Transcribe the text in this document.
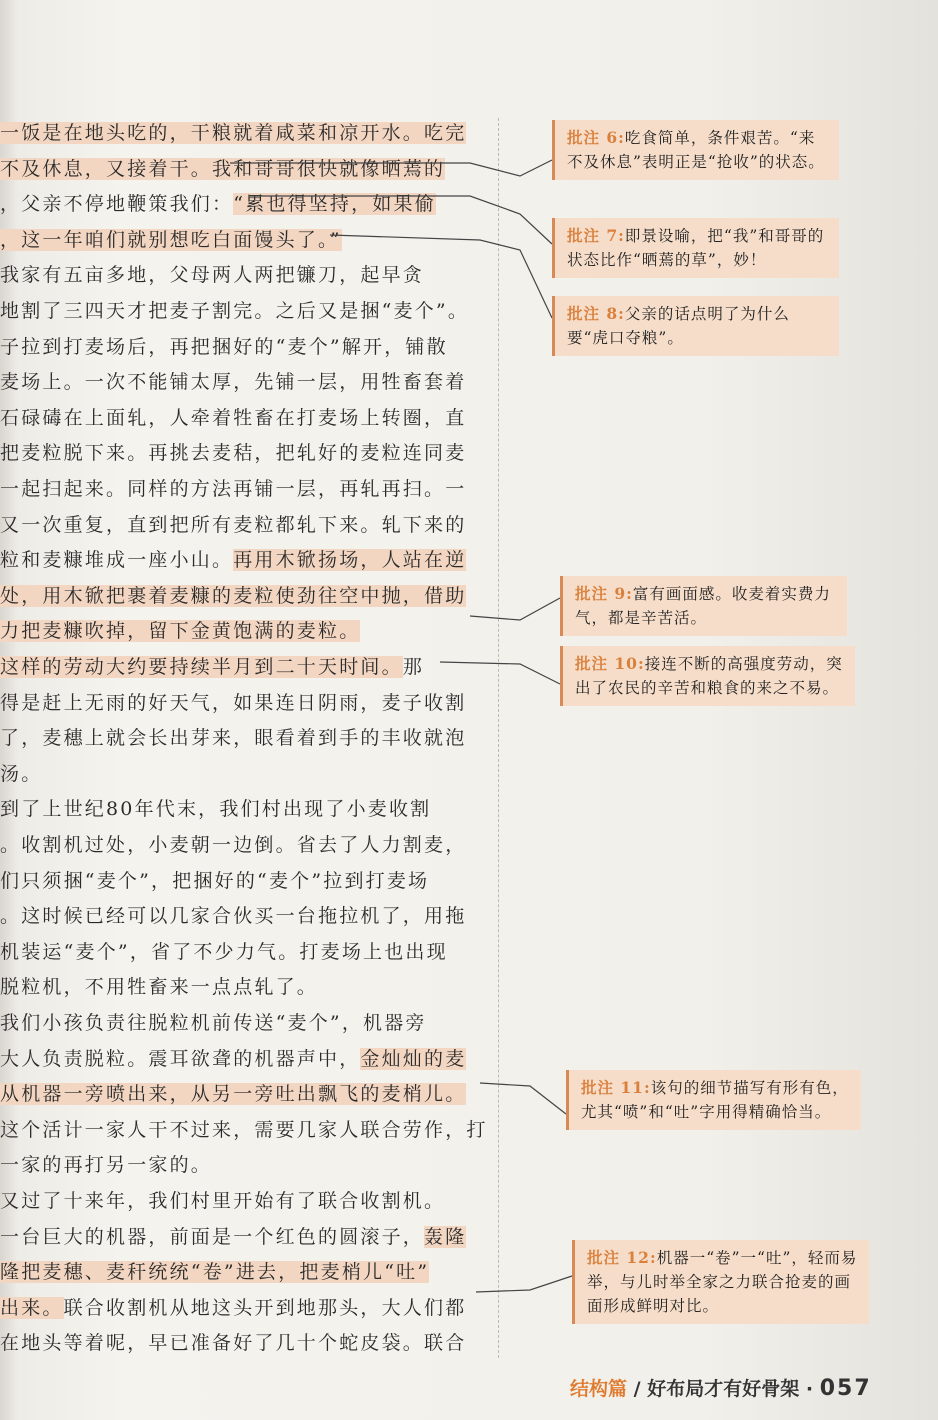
一饭是在地头吃的，干粮就着咸菜和凉开水。吃完
不及休息，又接着干。我和哥哥很快就像晒蔫的
，父亲不停地鞭策我们：“累也得坚持，如果偷
，这一年咱们就别想吃白面馒头了。”
我家有五亩多地，父母两人两把镰刀，起早贪
地割了三四天才把麦子割完。之后又是捆“麦个”。
子拉到打麦场后，再把捆好的“麦个”解开，铺散
麦场上。一次不能铺太厚，先铺一层，用牲畜套着
石碌碡在上面轧，人牵着牲畜在打麦场上转圈，直
把麦粒脱下来。再挑去麦秸，把轧好的麦粒连同麦
一起扫起来。同样的方法再铺一层，再轧再扫。一
又一次重复，直到把所有麦粒都轧下来。轧下来的
粒和麦糠堆成一座小山。再用木锨扬场，人站在逆
处，用木锨把裹着麦糠的麦粒使劲往空中抛，借助
力把麦糠吹掉，留下金黄饱满的麦粒。
这样的劳动大约要持续半月到二十天时间。那
得是赶上无雨的好天气，如果连日阴雨，麦子收割
了，麦穗上就会长出芽来，眼看着到手的丰收就泡
汤。
到了上世纪80年代末，我们村出现了小麦收割
。收割机过处，小麦朝一边倒。省去了人力割麦，
们只须捆“麦个”，把捆好的“麦个”拉到打麦场
。这时候已经可以几家合伙买一台拖拉机了，用拖
机装运“麦个”，省了不少力气。打麦场上也出现
脱粒机，不用牲畜来一点点轧了。
我们小孩负责往脱粒机前传送“麦个”，机器旁
大人负责脱粒。震耳欲聋的机器声中，金灿灿的麦
从机器一旁喷出来，从另一旁吐出飘飞的麦梢儿。
这个活计一家人干不过来，需要几家人联合劳作，打
一家的再打另一家的。
又过了十来年，我们村里开始有了联合收割机。
一台巨大的机器，前面是一个红色的圆滚子，轰隆
隆把麦穗、麦秆统统“卷”进去，把麦梢儿“吐”
出来。联合收割机从地这头开到地那头，大人们都
在地头等着呢，早已准备好了几十个蛇皮袋。联合
批注 6:吃食简单，条件艰苦。“来不及休息”表明正是“抢收”的状态。
批注 7:即景设喻，把“我”和哥哥的状态比作“晒蔫的草”，妙！
批注 8:父亲的话点明了为什么要“虎口夺粮”。
批注 9:富有画面感。收麦着实费力气，都是辛苦活。
批注 10:接连不断的高强度劳动，突出了农民的辛苦和粮食的来之不易。
批注 11:该句的细节描写有形有色，尤其“喷”和“吐”字用得精确恰当。
批注 12:机器一“卷”一“吐”，轻而易举，与儿时举全家之力联合抢麦的画面形成鲜明对比。
结构篇 / 好布局才有好骨架 · 057
